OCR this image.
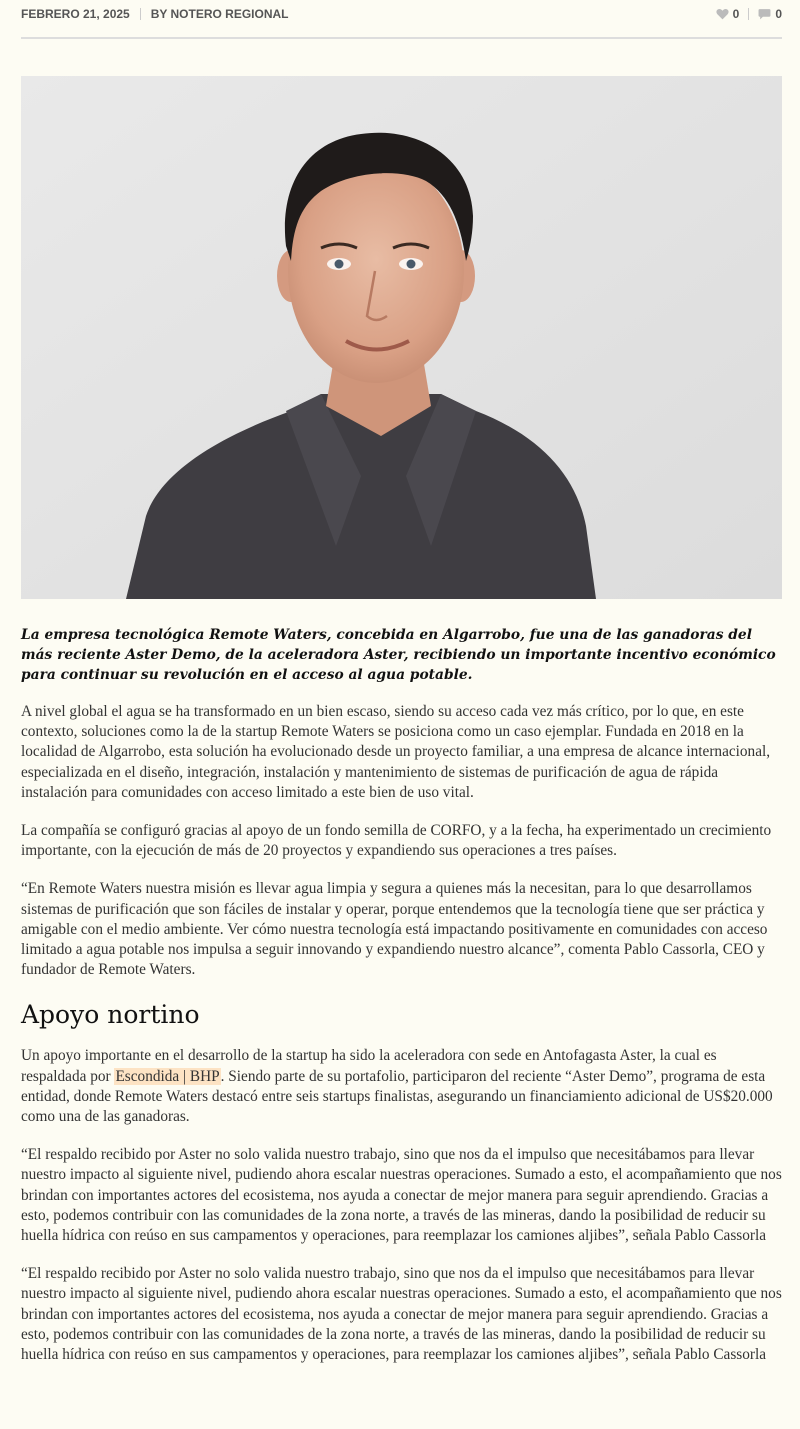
FEBRERO 21, 2025 BY NOTERO REGIONAL	0	0

La empresa tecnológica Remote Waters, concebida en Algarrobo, fue una de las ganadoras del más reciente Aster Demo, de la aceleradora Aster, recibiendo un importante incentivo económico para continuar su revolución en el acceso al agua potable.

A nivel global el agua se ha transformado en un bien escaso, siendo su acceso cada vez más crítico, por lo que, en este contexto, soluciones como la de la startup Remote Waters se posiciona como un caso ejemplar. Fundada en 2018 en la localidad de Algarrobo, esta solución ha evolucionado desde un proyecto familiar, a una empresa de alcance internacional, especializada en el diseño, integración, instalación y mantenimiento de sistemas de purificación de agua de rápida instalación para comunidades con acceso limitado a este bien de uso vital.

La compañía se configuró gracias al apoyo de un fondo semilla de CORFO, y a la fecha, ha experimentado un crecimiento importante, con la ejecución de más de 20 proyectos y expandiendo sus operaciones a tres países.

“En Remote Waters nuestra misión es llevar agua limpia y segura a quienes más la necesitan, para lo que desarrollamos sistemas de purificación que son fáciles de instalar y operar, porque entendemos que la tecnología tiene que ser práctica y amigable con el medio ambiente. Ver cómo nuestra tecnología está impactando positivamente en comunidades con acceso limitado a agua potable nos impulsa a seguir innovando y expandiendo nuestro alcance”, comenta Pablo Cassorla, CEO y fundador de Remote Waters.

Apoyo nortino

Un apoyo importante en el desarrollo de la startup ha sido la aceleradora con sede en Antofagasta Aster, la cual es respaldada por Escondida | BHP. Siendo parte de su portafolio, participaron del reciente “Aster Demo”, programa de esta entidad, donde Remote Waters destacó entre seis startups finalistas, asegurando un financiamiento adicional de US$20.000 como una de las ganadoras.

“El respaldo recibido por Aster no solo valida nuestro trabajo, sino que nos da el impulso que necesitábamos para llevar nuestro impacto al siguiente nivel, pudiendo ahora escalar nuestras operaciones. Sumado a esto, el acompañamiento que nos brindan con importantes actores del ecosistema, nos ayuda a conectar de mejor manera para seguir aprendiendo. Gracias a esto, podemos contribuir con las comunidades de la zona norte, a través de las mineras, dando la posibilidad de reducir su huella hídrica con reúso en sus campamentos y operaciones, para reemplazar los camiones aljibes”, señala Pablo Cassorla

“El respaldo recibido por Aster no solo valida nuestro trabajo, sino que nos da el impulso que necesitábamos para llevar nuestro impacto al siguiente nivel, pudiendo ahora escalar nuestras operaciones. Sumado a esto, el acompañamiento que nos brindan con importantes actores del ecosistema, nos ayuda a conectar de mejor manera para seguir aprendiendo. Gracias a esto, podemos contribuir con las comunidades de la zona norte, a través de las mineras, dando la posibilidad de reducir su huella hídrica con reúso en sus campamentos y operaciones, para reemplazar los camiones aljibes”, señala Pablo Cassorla
